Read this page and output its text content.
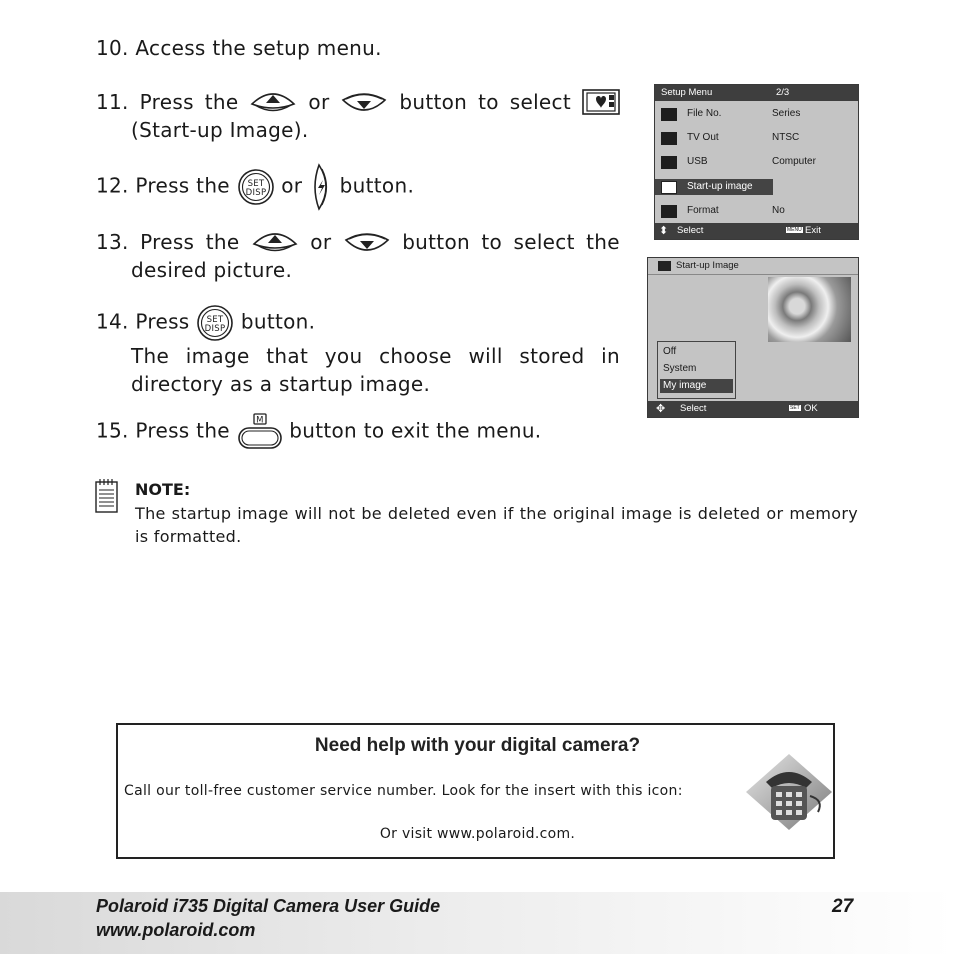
10. Access the setup menu.
11. Press the	or	button to select
(Start-up Image).
12. Press the SET
DISP or button.
13. Press the	or	button to select the
desired picture.
14. Press SET
DISP button.
The image that you choose will stored in
directory as a startup image.
15. Press the	M button to exit the menu.
Setup Menu	2/3
File No.	Series
TV Out	NTSC
USB	Computer
Start-up image
Format	No
⬍ Select	MENU Exit
Start-up Image
Off
System
My image
✥ Select	SET OK
NOTE:
The startup image will not be deleted even if the original image is deleted or memory is formatted.
Need help with your digital camera?
Call our toll-free customer service number. Look for the insert with this icon:
Or visit www.polaroid.com.
Polaroid i735 Digital Camera User Guide
www.polaroid.com
27
